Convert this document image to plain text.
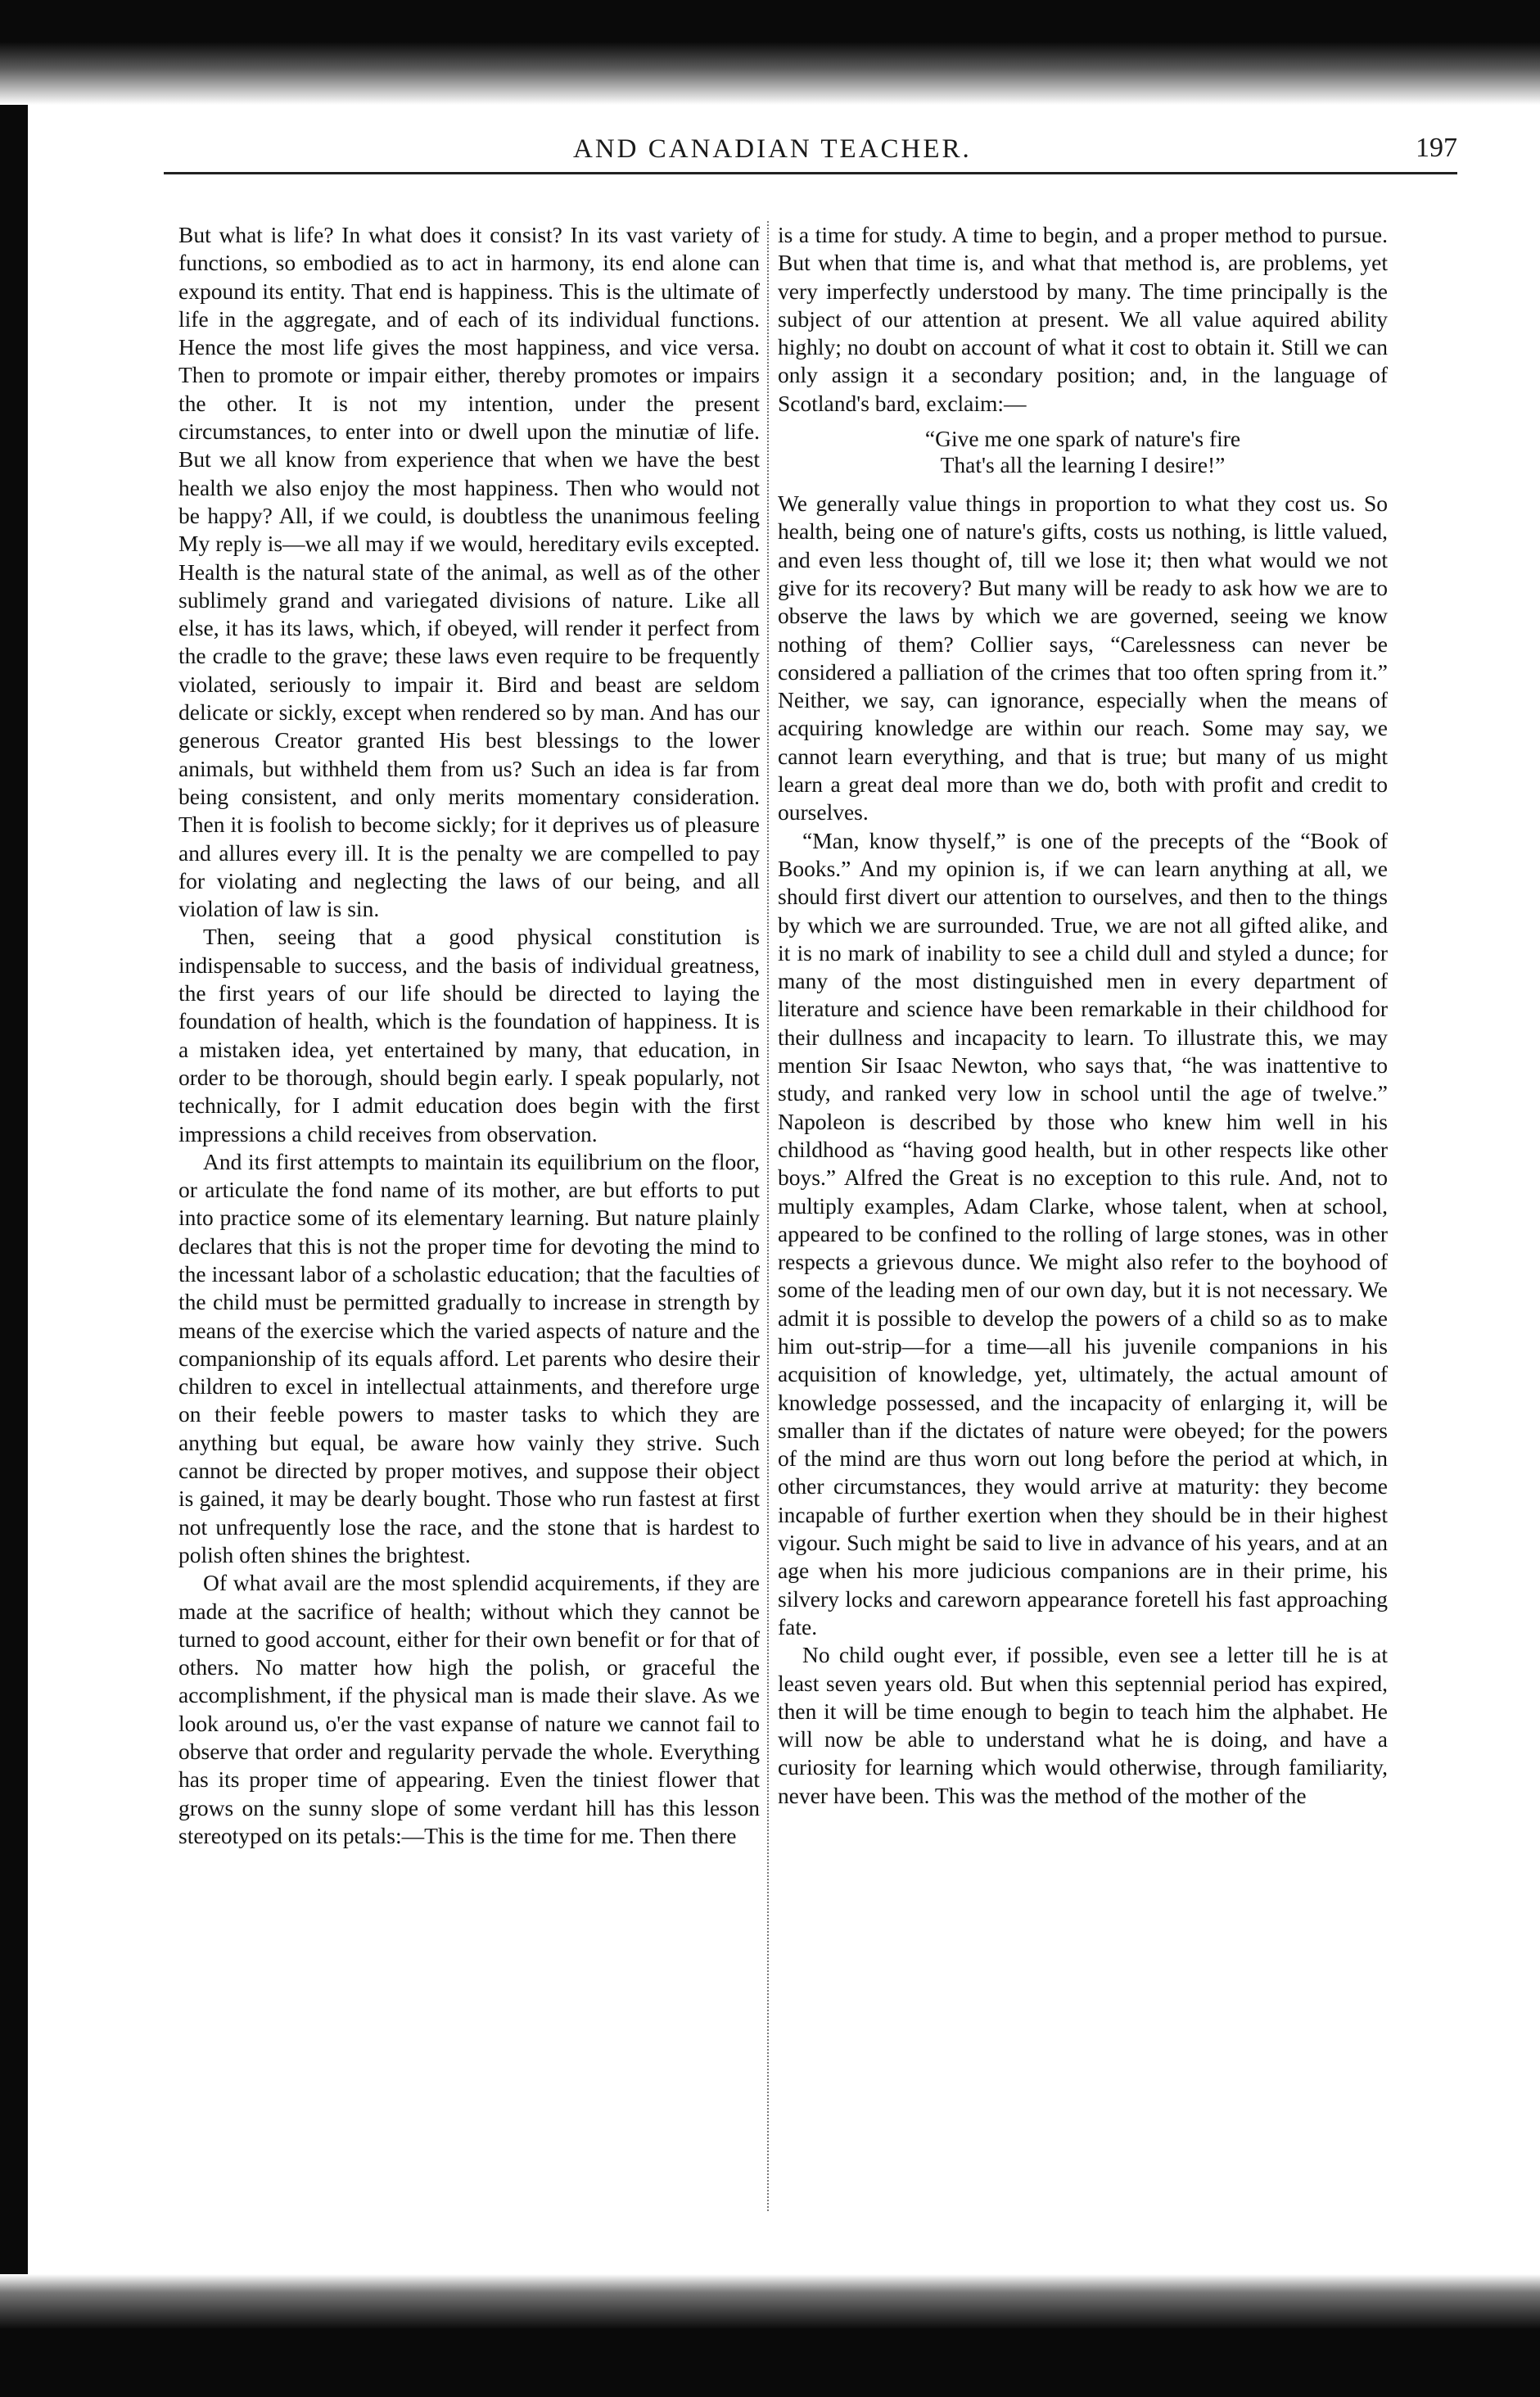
AND CANADIAN TEACHER.	197

But what is life? In what does it consist? In its vast variety of functions, so embodied as to act in harmony, its end alone can expound its entity. That end is happiness. This is the ultimate of life in the aggregate, and of each of its individual functions. Hence the most life gives the most happiness, and vice versa. Then to promote or impair either, thereby promotes or impairs the other. It is not my intention, under the present circumstances, to enter into or dwell upon the minutiæ of life. But we all know from experience that when we have the best health we also enjoy the most happiness. Then who would not be happy? All, if we could, is doubtless the unanimous feeling My reply is—we all may if we would, hereditary evils excepted. Health is the natural state of the animal, as well as of the other sublimely grand and variegated divisions of nature. Like all else, it has its laws, which, if obeyed, will render it perfect from the cradle to the grave; these laws even require to be frequently violated, seriously to impair it. Bird and beast are seldom delicate or sickly, except when rendered so by man. And has our generous Creator granted His best blessings to the lower animals, but withheld them from us? Such an idea is far from being consistent, and only merits momentary consideration. Then it is foolish to become sickly; for it deprives us of pleasure and allures every ill. It is the penalty we are compelled to pay for violating and neglecting the laws of our being, and all violation of law is sin.

Then, seeing that a good physical constitution is indispensable to success, and the basis of individual greatness, the first years of our life should be directed to laying the foundation of health, which is the foundation of happiness. It is a mistaken idea, yet entertained by many, that education, in order to be thorough, should begin early. I speak popularly, not technically, for I admit education does begin with the first impressions a child receives from observation.

And its first attempts to maintain its equilibrium on the floor, or articulate the fond name of its mother, are but efforts to put into practice some of its elementary learning. But nature plainly declares that this is not the proper time for devoting the mind to the incessant labor of a scholastic education; that the faculties of the child must be permitted gradually to increase in strength by means of the exercise which the varied aspects of nature and the companionship of its equals afford. Let parents who desire their children to excel in intellectual attainments, and therefore urge on their feeble powers to master tasks to which they are anything but equal, be aware how vainly they strive. Such cannot be directed by proper motives, and suppose their object is gained, it may be dearly bought. Those who run fastest at first not unfrequently lose the race, and the stone that is hardest to polish often shines the brightest.

Of what avail are the most splendid acquirements, if they are made at the sacrifice of health; without which they cannot be turned to good account, either for their own benefit or for that of others. No matter how high the polish, or graceful the accomplishment, if the physical man is made their slave. As we look around us, o'er the vast expanse of nature we cannot fail to observe that order and regularity pervade the whole. Everything has its proper time of appearing. Even the tiniest flower that grows on the sunny slope of some verdant hill has this lesson stereotyped on its petals:—This is the time for me. Then there

is a time for study. A time to begin, and a proper method to pursue. But when that time is, and what that method is, are problems, yet very imperfectly understood by many. The time principally is the subject of our attention at present. We all value aquired ability highly; no doubt on account of what it cost to obtain it. Still we can only assign it a secondary position; and, in the language of Scotland's bard, exclaim:—

“Give me one spark of nature's fire
That's all the learning I desire!”

We generally value things in proportion to what they cost us. So health, being one of nature's gifts, costs us nothing, is little valued, and even less thought of, till we lose it; then what would we not give for its recovery? But many will be ready to ask how we are to observe the laws by which we are governed, seeing we know nothing of them? Collier says, “Carelessness can never be considered a palliation of the crimes that too often spring from it.” Neither, we say, can ignorance, especially when the means of acquiring knowledge are within our reach. Some may say, we cannot learn everything, and that is true; but many of us might learn a great deal more than we do, both with profit and credit to ourselves.

“Man, know thyself,” is one of the precepts of the “Book of Books.” And my opinion is, if we can learn anything at all, we should first divert our attention to ourselves, and then to the things by which we are surrounded. True, we are not all gifted alike, and it is no mark of inability to see a child dull and styled a dunce; for many of the most distinguished men in every department of literature and science have been remarkable in their childhood for their dullness and incapacity to learn. To illustrate this, we may mention Sir Isaac Newton, who says that, “he was inattentive to study, and ranked very low in school until the age of twelve.” Napoleon is described by those who knew him well in his childhood as “having good health, but in other respects like other boys.” Alfred the Great is no exception to this rule. And, not to multiply examples, Adam Clarke, whose talent, when at school, appeared to be confined to the rolling of large stones, was in other respects a grievous dunce. We might also refer to the boyhood of some of the leading men of our own day, but it is not necessary. We admit it is possible to develop the powers of a child so as to make him out-strip—for a time—all his juvenile companions in his acquisition of knowledge, yet, ultimately, the actual amount of knowledge possessed, and the incapacity of enlarging it, will be smaller than if the dictates of nature were obeyed; for the powers of the mind are thus worn out long before the period at which, in other circumstances, they would arrive at maturity: they become incapable of further exertion when they should be in their highest vigour. Such might be said to live in advance of his years, and at an age when his more judicious companions are in their prime, his silvery locks and careworn appearance foretell his fast approaching fate.

No child ought ever, if possible, even see a letter till he is at least seven years old. But when this septennial period has expired, then it will be time enough to begin to teach him the alphabet. He will now be able to understand what he is doing, and have a curiosity for learning which would otherwise, through familiarity, never have been. This was the method of the mother of the
